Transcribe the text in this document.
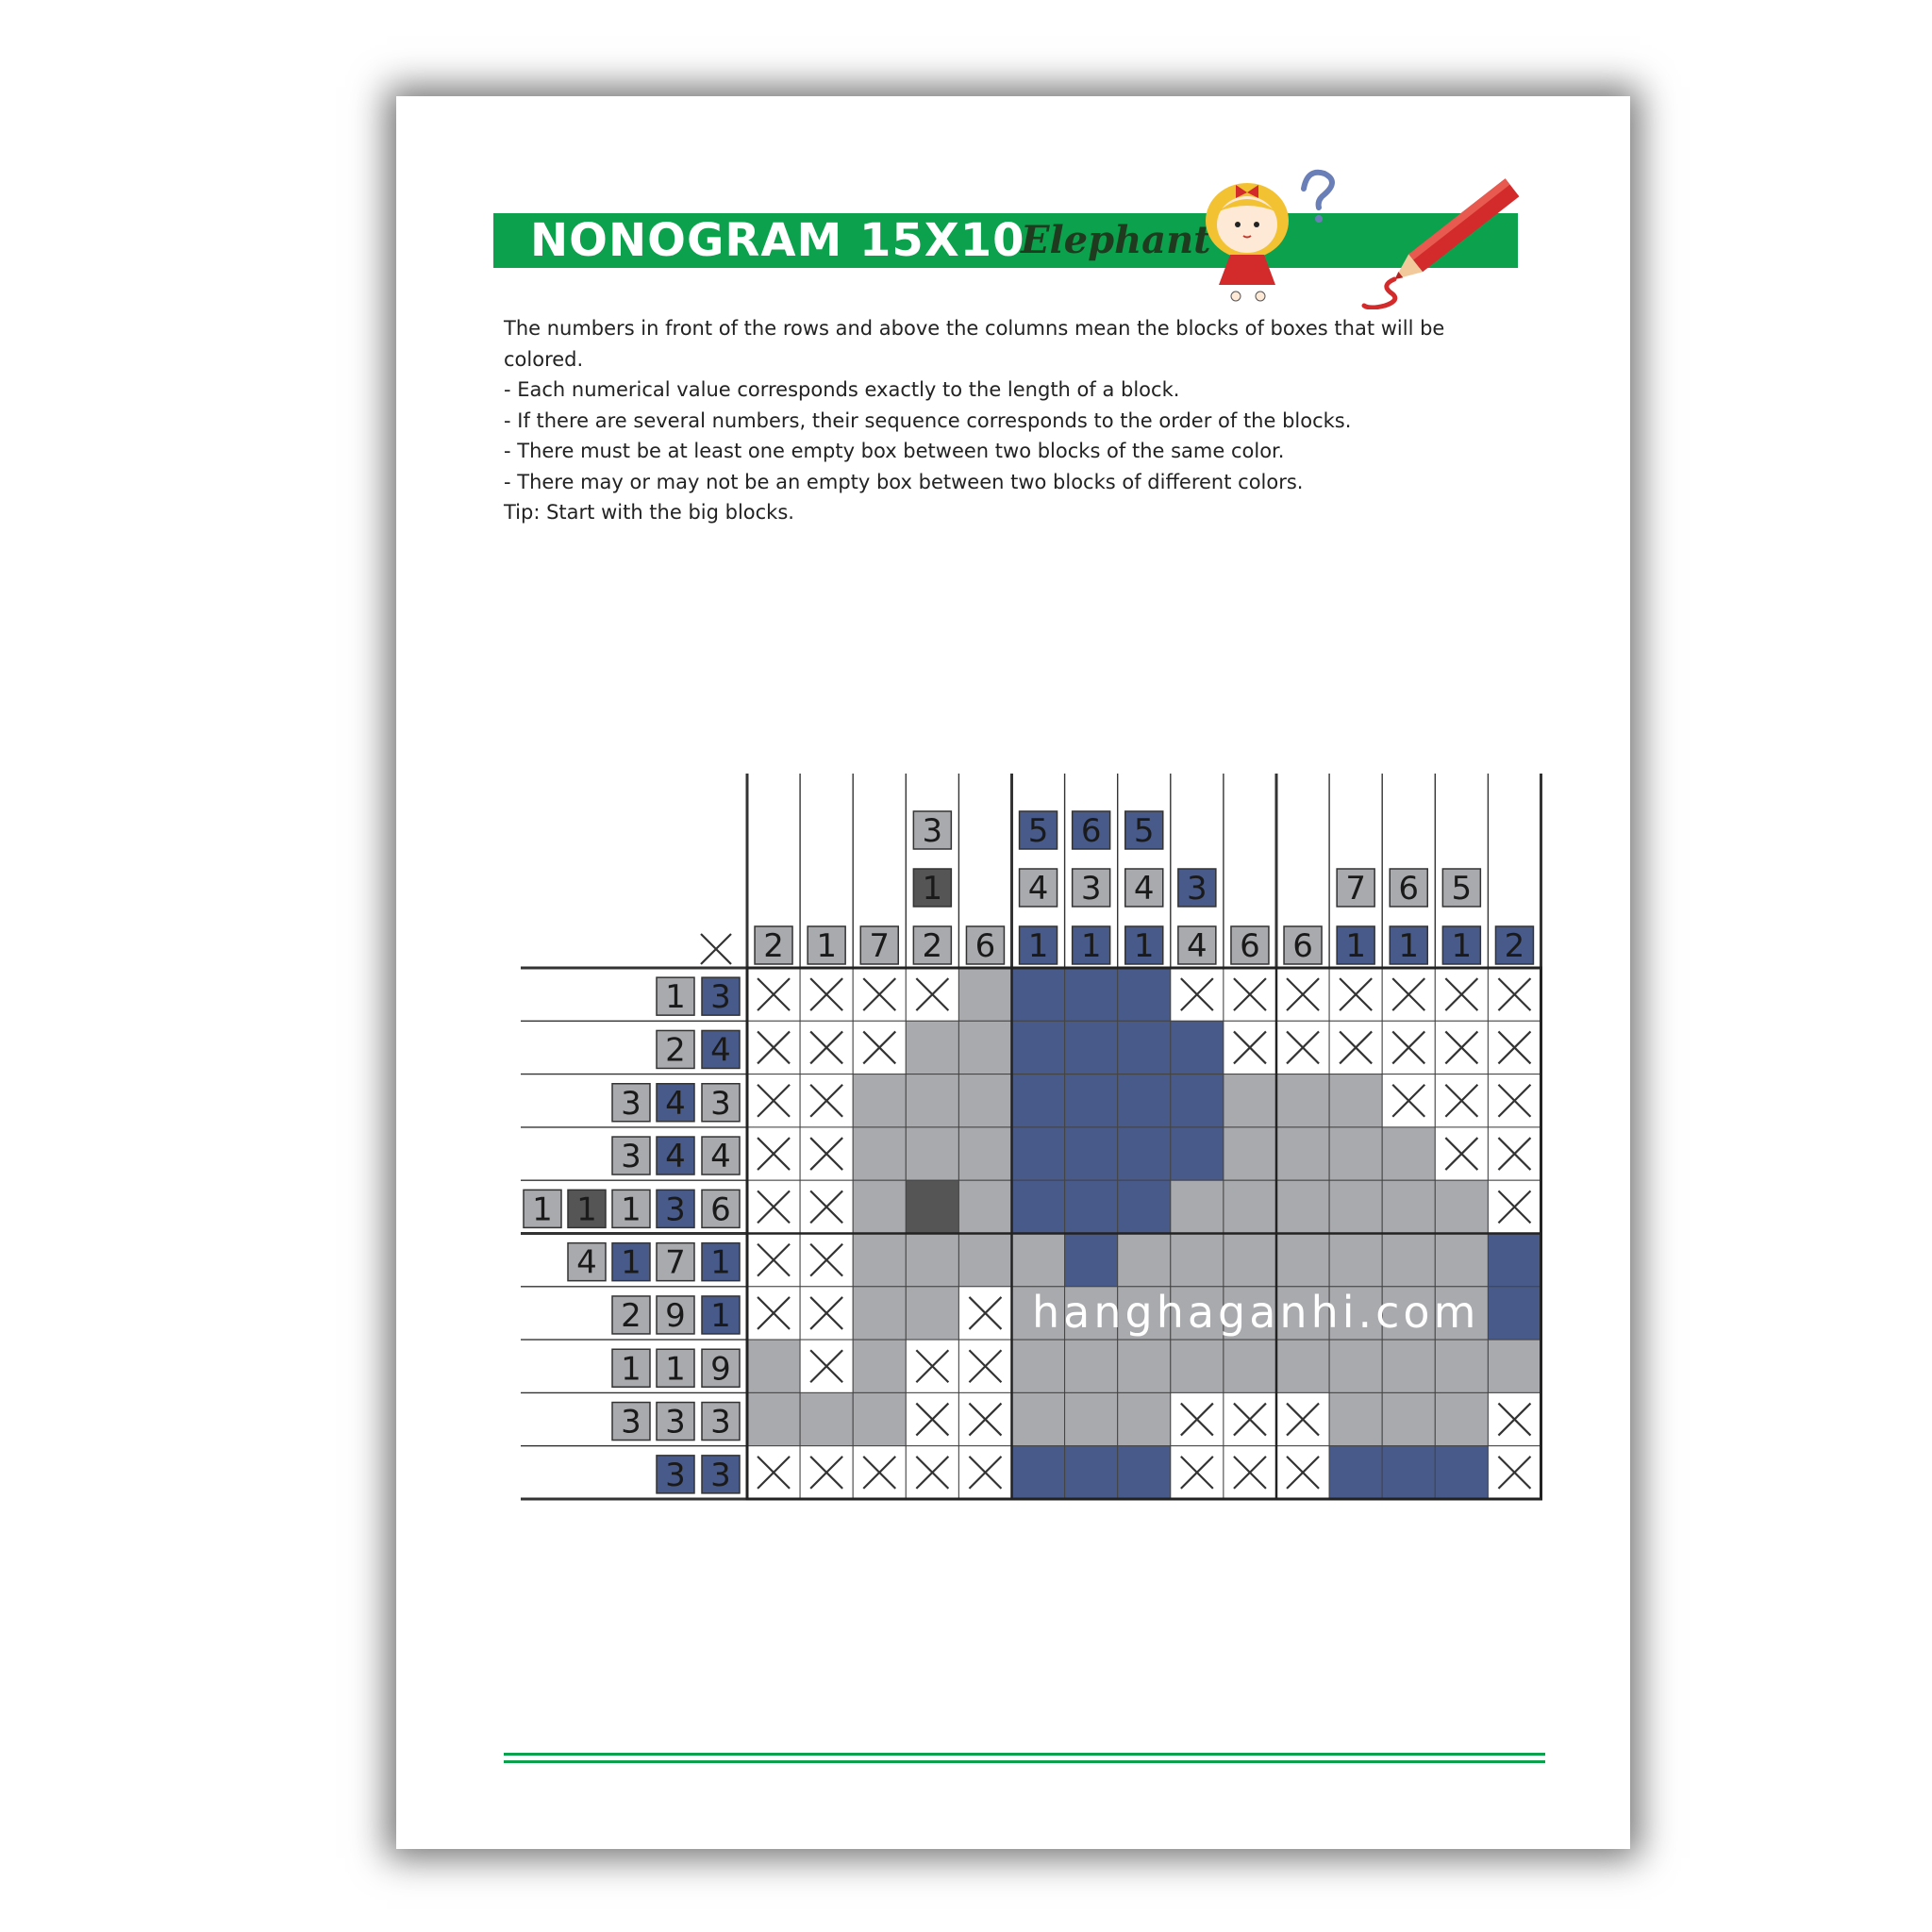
NONOGRAM 15X10
Elephant
The numbers in front of the rows and above the columns mean the blocks of boxes that will be colored.
- Each numerical value corresponds exactly to the length of a block.
- If there are several numbers, their sequence corresponds to the order of the blocks.
- There must be at least one empty box between two blocks of the same color.
- There may or may not be an empty box between two blocks of different colors.
Tip: Start with the big blocks.
2 1 7
3
1
2 6
5
4
1
6
3
1
5
4
1
3
4 6 6
7
1
6
1
5
1 2
1 3
2 4
3 4 3
3 4 4
1 1 1 3 6
4 1 7 1
2 9 1
1 1 9
3 3 3
3 3
hanghaganhi.com
